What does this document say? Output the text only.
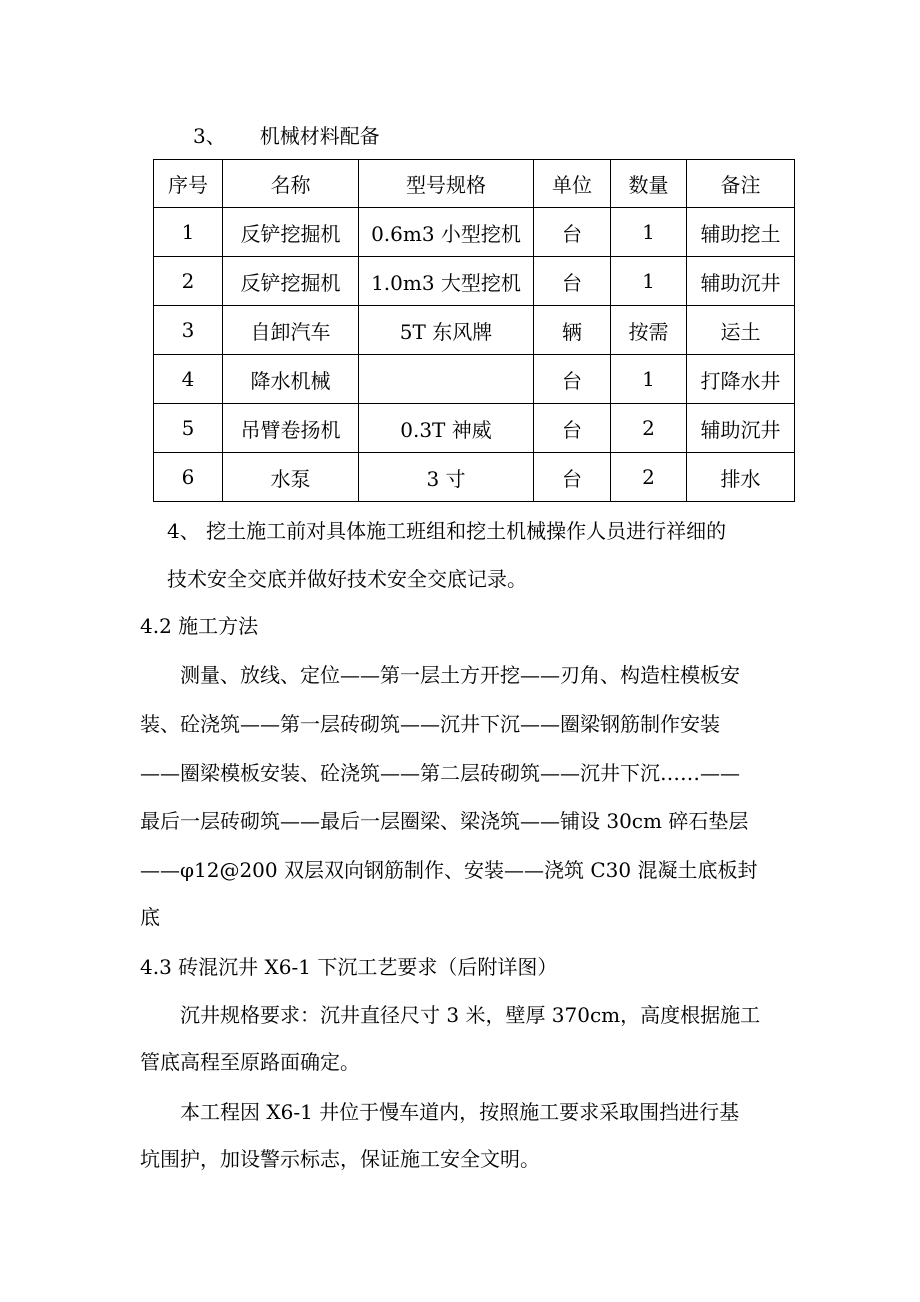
3、 机械材料配备
序号	名称	型号规格	单位	数量	备注
1	反铲挖掘机	0.6m3 小型挖机	台	1	辅助挖土
2	反铲挖掘机	1.0m3 大型挖机	台	1	辅助沉井
3	自卸汽车	5T 东风牌	辆	按需	运土
4	降水机械		台	1	打降水井
5	吊臂卷扬机	0.3T 神威	台	2	辅助沉井
6	水泵	3 寸	台	2	排水
4、 挖土施工前对具体施工班组和挖土机械操作人员进行祥细的
技术安全交底并做好技术安全交底记录。
4.2 施工方法
测量、放线、定位——第一层土方开挖——刃角、构造柱模板安
装、砼浇筑——第一层砖砌筑——沉井下沉——圈梁钢筋制作安装
——圈梁模板安装、砼浇筑——第二层砖砌筑——沉井下沉……——
最后一层砖砌筑——最后一层圈梁、梁浇筑——铺设 30cm 碎石垫层
——φ12@200 双层双向钢筋制作、安装——浇筑 C30 混凝土底板封
底
4.3 砖混沉井 X6-1 下沉工艺要求（后附详图）
沉井规格要求：沉井直径尺寸 3 米，壁厚 370cm，高度根据施工
管底高程至原路面确定。
本工程因 X6-1 井位于慢车道内，按照施工要求采取围挡进行基
坑围护，加设警示标志，保证施工安全文明。
